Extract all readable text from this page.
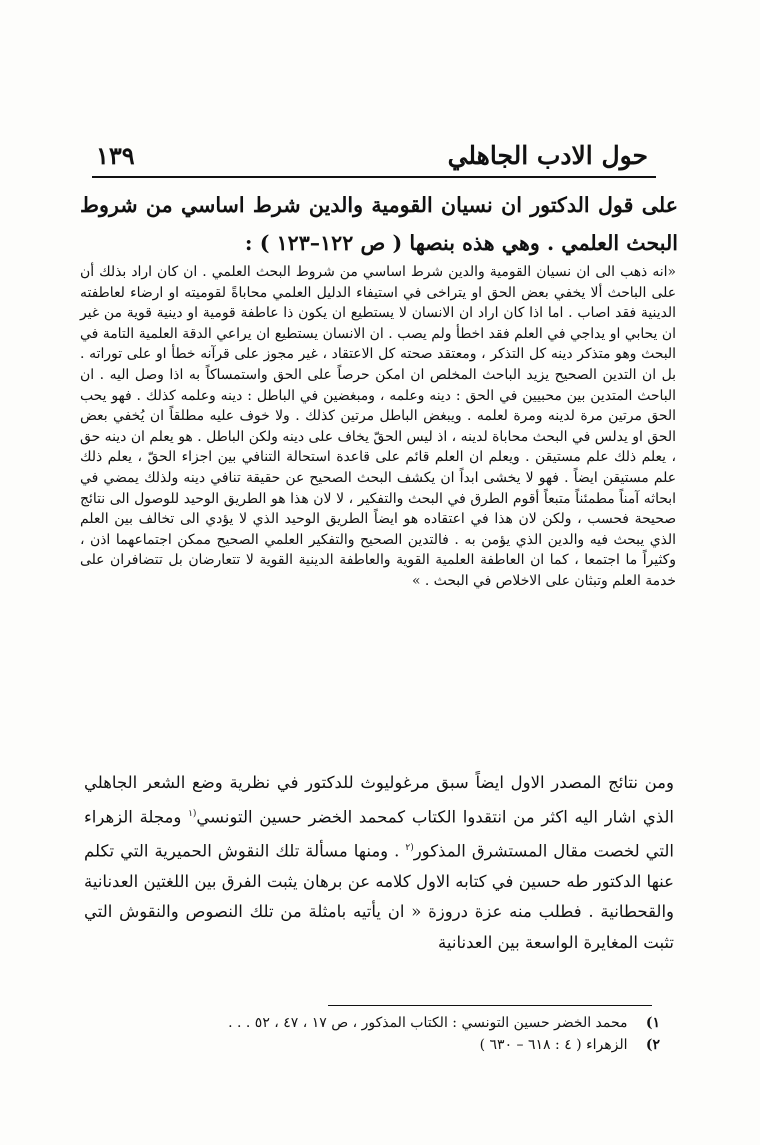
حول الادب الجاهلي
١٣٩

على قول الدكتور ان نسيان القومية والدين شرط اساسي من شروط البحث العلمي . وهي هذه بنصها ( ص ١٢٢–١٢٣ ) :

«انه ذهب الى ان نسيان القومية والدين شرط اساسي من شروط البحث العلمي . ان كان اراد بذلك أن على الباحث ألا يخفي بعض الحق او يتراخى في استيفاء الدليل العلمي محاباةً لقوميته او ارضاء لعاطفته الدينية فقد اصاب . اما اذا كان اراد ان الانسان لا يستطيع ان يكون ذا عاطفة قومية او دينية قوية من غير ان يحابي او يداجي في العلم فقد اخطأ ولم يصب . ان الانسان يستطيع ان يراعي الدقة العلمية التامة في البحث وهو متذكر دينه كل التذكر ، ومعتقد صحته كل الاعتقاد ، غير مجوز على قرآنه خطأ او على توراته . بل ان التدين الصحيح يزيد الباحث المخلص ان امكن حرصاً على الحق واستمساكاً به اذا وصل اليه . ان الباحث المتدين بين محبيين في الحق : دينه وعلمه ، ومبغضين في الباطل : دينه وعلمه كذلك . فهو يحب الحق مرتين مرة لدينه ومرة لعلمه . ويبغض الباطل مرتين كذلك . ولا خوف عليه مطلقاً ان يُخفي بعض الحق او يدلس في البحث محاباة لدينه ، اذ ليس الحقّ يخاف على دينه ولكن الباطل . هو يعلم ان دينه حق ، يعلم ذلك علم مستيقن . ويعلم ان العلم قائم على قاعدة استحالة التنافي بين اجزاء الحقّ ، يعلم ذلك علم مستيقن ايضاً . فهو لا يخشى ابداً ان يكشف البحث الصحيح عن حقيقة تنافي دينه ولذلك يمضي في ابحاثه آمناً مطمئناً متبعاً أقوم الطرق في البحث والتفكير ، لا لان هذا هو الطريق الوحيد للوصول الى نتائج صحيحة فحسب ، ولكن لان هذا في اعتقاده هو ايضاً الطريق الوحيد الذي لا يؤدي الى تخالف بين العلم الذي يبحث فيه والدين الذي يؤمن به . فالتدين الصحيح والتفكير العلمي الصحيح ممكن اجتماعهما اذن ، وكثيراً ما اجتمعا ، كما ان العاطفة العلمية القوية والعاطفة الدينية القوية لا تتعارضان بل تتضافران على خدمة العلم وتبثان على الاخلاص في البحث . »

ومن نتائج المصدر الاول ايضاً سبق مرغوليوث للدكتور في نظرية وضع الشعر الجاهلي الذي اشار اليه اكثر من انتقدوا الكتاب كمحمد الخضر حسين التونسي$^{(١}$ ومجلة الزهراء التي لخصت مقال المستشرق المذكور$^{(٢}$ . ومنها مسألة تلك النقوش الحميرية التي تكلم عنها الدكتور طه حسين في كتابه الاول كلامه عن برهان يثبت الفرق بين اللغتين العدنانية والقحطانية . فطلب منه عزة دروزة « ان يأتيه بامثلة من تلك النصوص والنقوش التي تثبت المغايرة الواسعة بين العدنانية

١) محمد الخضر حسين التونسي : الكتاب المذكور ، ص ١٧ ، ٤٧ ، ٥٢ . . .
٢) الزهراء ( ٤ : ٦١٨ – ٦٣٠ )
